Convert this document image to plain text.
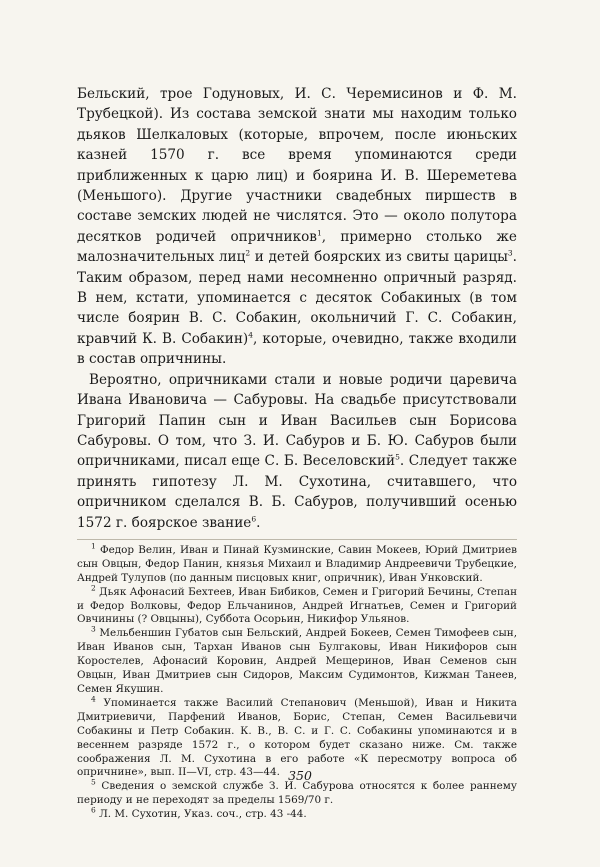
Бельский, трое Годуновых, И. С. Черемисинов и Ф. М. Трубецкой). Из состава земской знати мы находим только дьяков Шелкаловых (которые, впрочем, после июньских казней 1570 г. все время упоминаются среди приближенных к царю лиц) и боярина И. В. Шереметева (Меньшого). Другие участники свадебных пиршеств в составе земских людей не числятся. Это — около полутора десятков родичей опричников$^1$, примерно столько же малозначительных лиц$^2$ и детей боярских из свиты царицы$^3$. Таким образом, перед нами несомненно опричный разряд. В нем, кстати, упоминается с десяток Собакиных (в том числе боярин В. С. Собакин, окольничий Г. С. Собакин, кравчий К. В. Собакин)$^4$, которые, очевидно, также входили в состав опричнины.

Вероятно, опричниками стали и новые родичи царевича Ивана Ивановича — Сабуровы. На свадьбе присутствовали Григорий Папин сын и Иван Васильев сын Борисова Сабуровы. О том, что З. И. Сабуров и Б. Ю. Сабуров были опричниками, писал еще С. Б. Веселовский$^5$. Следует также принять гипотезу Л. М. Сухотина, считавшего, что опричником сделался В. Б. Сабуров, получивший осенью 1572 г. боярское звание$^6$.

$^1$ Федор Велин, Иван и Пинай Кузминские, Савин Мокеев, Юрий Дмитриев сын Овцын, Федор Панин, князья Михаил и Владимир Андреевичи Трубецкие, Андрей Тулупов (по данным писцовых книг, опричник), Иван Унковский.

$^2$ Дьяк Афонасий Бехтеев, Иван Бибиков, Семен и Григорий Бечины, Степан и Федор Волковы, Федор Ельчанинов, Андрей Игнатьев, Семен и Григорий Овчинины (? Овцыны), Суббота Осорьин, Никифор Ульянов.

$^3$ Мельбеншин Губатов сын Бельский, Андрей Бокеев, Семен Тимофеев сын, Иван Иванов сын, Тархан Иванов сын Булгаковы, Иван Никифоров сын Коростелев, Афонасий Коровин, Андрей Мещеринов, Иван Семенов сын Овцын, Иван Дмитриев сын Сидоров, Максим Судимонтов, Кижман Танеев, Семен Якушин.

$^4$ Упоминается также Василий Степанович (Меньшой), Иван и Никита Дмитриевичи, Парфений Иванов, Борис, Степан, Семен Васильевичи Собакины и Петр Собакин. К. В., В. С. и Г. С. Собакины упоминаются и в весеннем разряде 1572 г., о котором будет сказано ниже. См. также соображения Л. М. Сухотина в его работе «К пересмотру вопроса об опричнине», вып. II—VI, стр. 43—44.

$^5$ Сведения о земской службе З. И. Сабурова относятся к более раннему периоду и не переходят за пределы 1569/70 г.

$^6$ Л. М. Сухотин, Указ. соч., стр. 43 -44.

350
